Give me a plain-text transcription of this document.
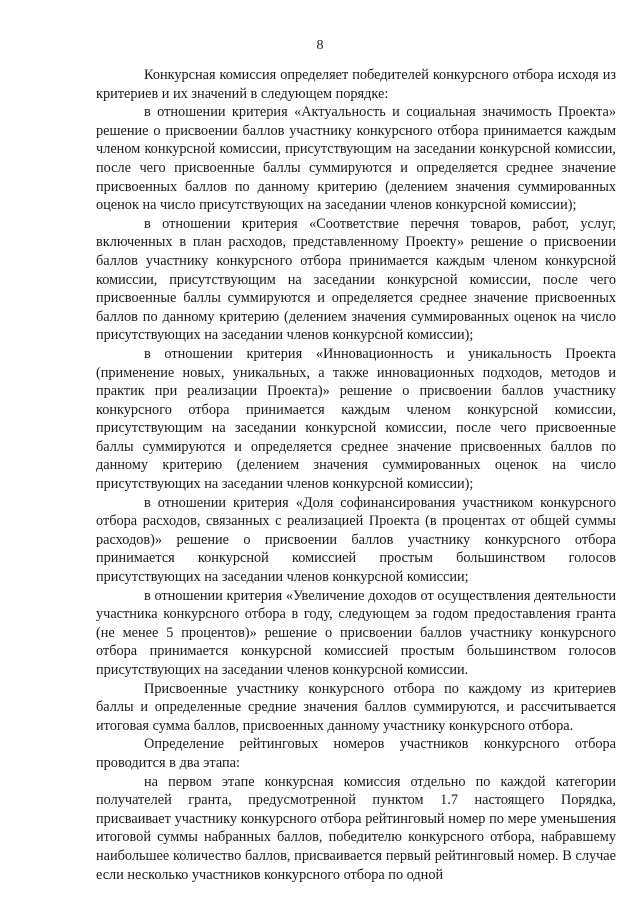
8

Конкурсная комиссия определяет победителей конкурсного отбора исходя из критериев и их значений в следующем порядке:

в отношении критерия «Актуальность и социальная значимость Проекта» решение о присвоении баллов участнику конкурсного отбора принимается каждым членом конкурсной комиссии, присутствующим на заседании конкурсной комиссии, после чего присвоенные баллы суммируются и определяется среднее значение присвоенных баллов по данному критерию (делением значения суммированных оценок на число присутствующих на заседании членов конкурсной комиссии);

в отношении критерия «Соответствие перечня товаров, работ, услуг, включенных в план расходов, представленному Проекту» решение о присвоении баллов участнику конкурсного отбора принимается каждым членом конкурсной комиссии, присутствующим на заседании конкурсной комиссии, после чего присвоенные баллы суммируются и определяется среднее значение присвоенных баллов по данному критерию (делением значения суммированных оценок на число присутствующих на заседании членов конкурсной комиссии);

в отношении критерия «Инновационность и уникальность Проекта (применение новых, уникальных, а также инновационных подходов, методов и практик при реализации Проекта)» решение о присвоении баллов участнику конкурсного отбора принимается каждым членом конкурсной комиссии, присутствующим на заседании конкурсной комиссии, после чего присвоенные баллы суммируются и определяется среднее значение присвоенных баллов по данному критерию (делением значения суммированных оценок на число присутствующих на заседании членов конкурсной комиссии);

в отношении критерия «Доля софинансирования участником конкурсного отбора расходов, связанных с реализацией Проекта (в процентах от общей суммы расходов)» решение о присвоении баллов участнику конкурсного отбора принимается конкурсной комиссией простым большинством голосов присутствующих на заседании членов конкурсной комиссии;

в отношении критерия «Увеличение доходов от осуществления деятельности участника конкурсного отбора в году, следующем за годом предоставления гранта (не менее 5 процентов)» решение о присвоении баллов участнику конкурсного отбора принимается конкурсной комиссией простым большинством голосов присутствующих на заседании членов конкурсной комиссии.

Присвоенные участнику конкурсного отбора по каждому из критериев баллы и определенные средние значения баллов суммируются, и рассчитывается итоговая сумма баллов, присвоенных данному участнику конкурсного отбора.

Определение рейтинговых номеров участников конкурсного отбора проводится в два этапа:

на первом этапе конкурсная комиссия отдельно по каждой категории получателей гранта, предусмотренной пунктом 1.7 настоящего Порядка, присваивает участнику конкурсного отбора рейтинговый номер по мере уменьшения итоговой суммы набранных баллов, победителю конкурсного отбора, набравшему наибольшее количество баллов, присваивается первый рейтинговый номер. В случае если несколько участников конкурсного отбора по одной
